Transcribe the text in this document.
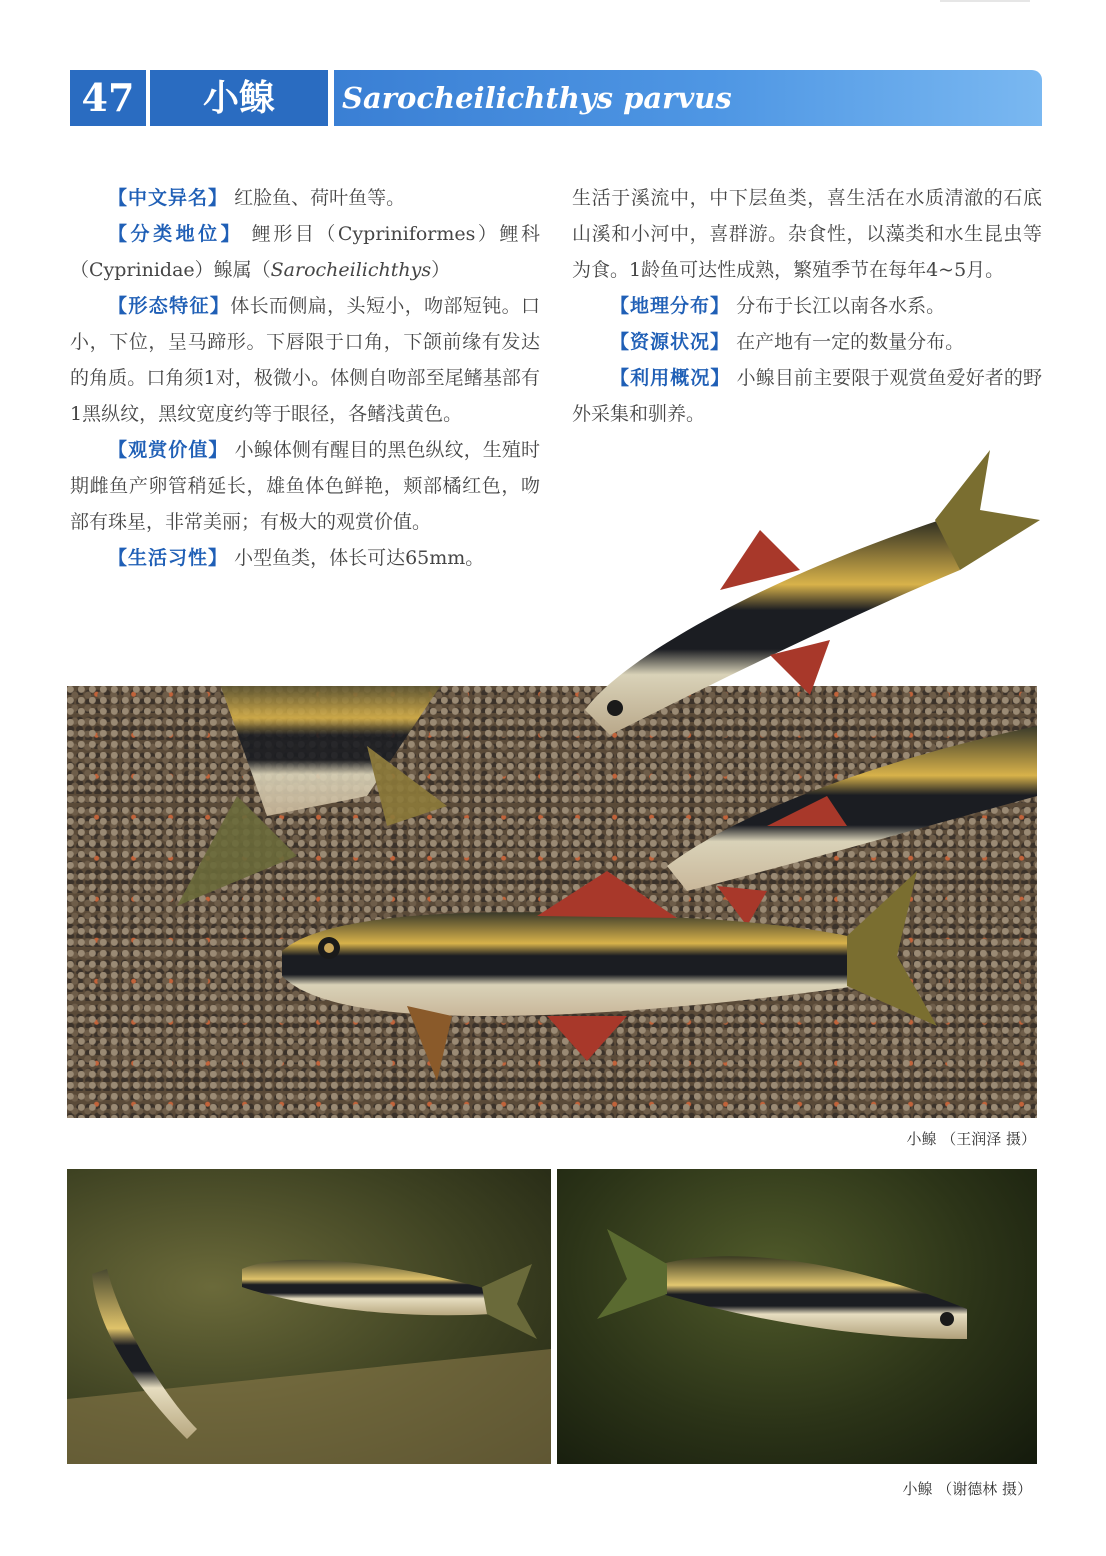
47	小鳈	Sarocheilichthys parvus

【中文异名】 红脸鱼、荷叶鱼等。

【分类地位】 鲤形目（Cypriniformes）鲤科（Cyprinidae）鳈属（Sarocheilichthys）

【形态特征】体长而侧扁，头短小，吻部短钝。口小，下位，呈马蹄形。下唇限于口角，下颌前缘有发达的角质。口角须1对，极微小。体侧自吻部至尾鳍基部有1黑纵纹，黑纹宽度约等于眼径，各鳍浅黄色。

【观赏价值】 小鳈体侧有醒目的黑色纵纹，生殖时期雌鱼产卵管稍延长，雄鱼体色鲜艳，颊部橘红色，吻部有珠星，非常美丽；有极大的观赏价值。

【生活习性】 小型鱼类，体长可达65mm。

生活于溪流中，中下层鱼类，喜生活在水质清澈的石底山溪和小河中，喜群游。杂食性，以藻类和水生昆虫等为食。1龄鱼可达性成熟，繁殖季节在每年4~5月。

【地理分布】 分布于长江以南各水系。

【资源状况】 在产地有一定的数量分布。

【利用概况】 小鳈目前主要限于观赏鱼爱好者的野外采集和驯养。

小鳈 （王润泽 摄）
小鳈 （谢德林 摄）
